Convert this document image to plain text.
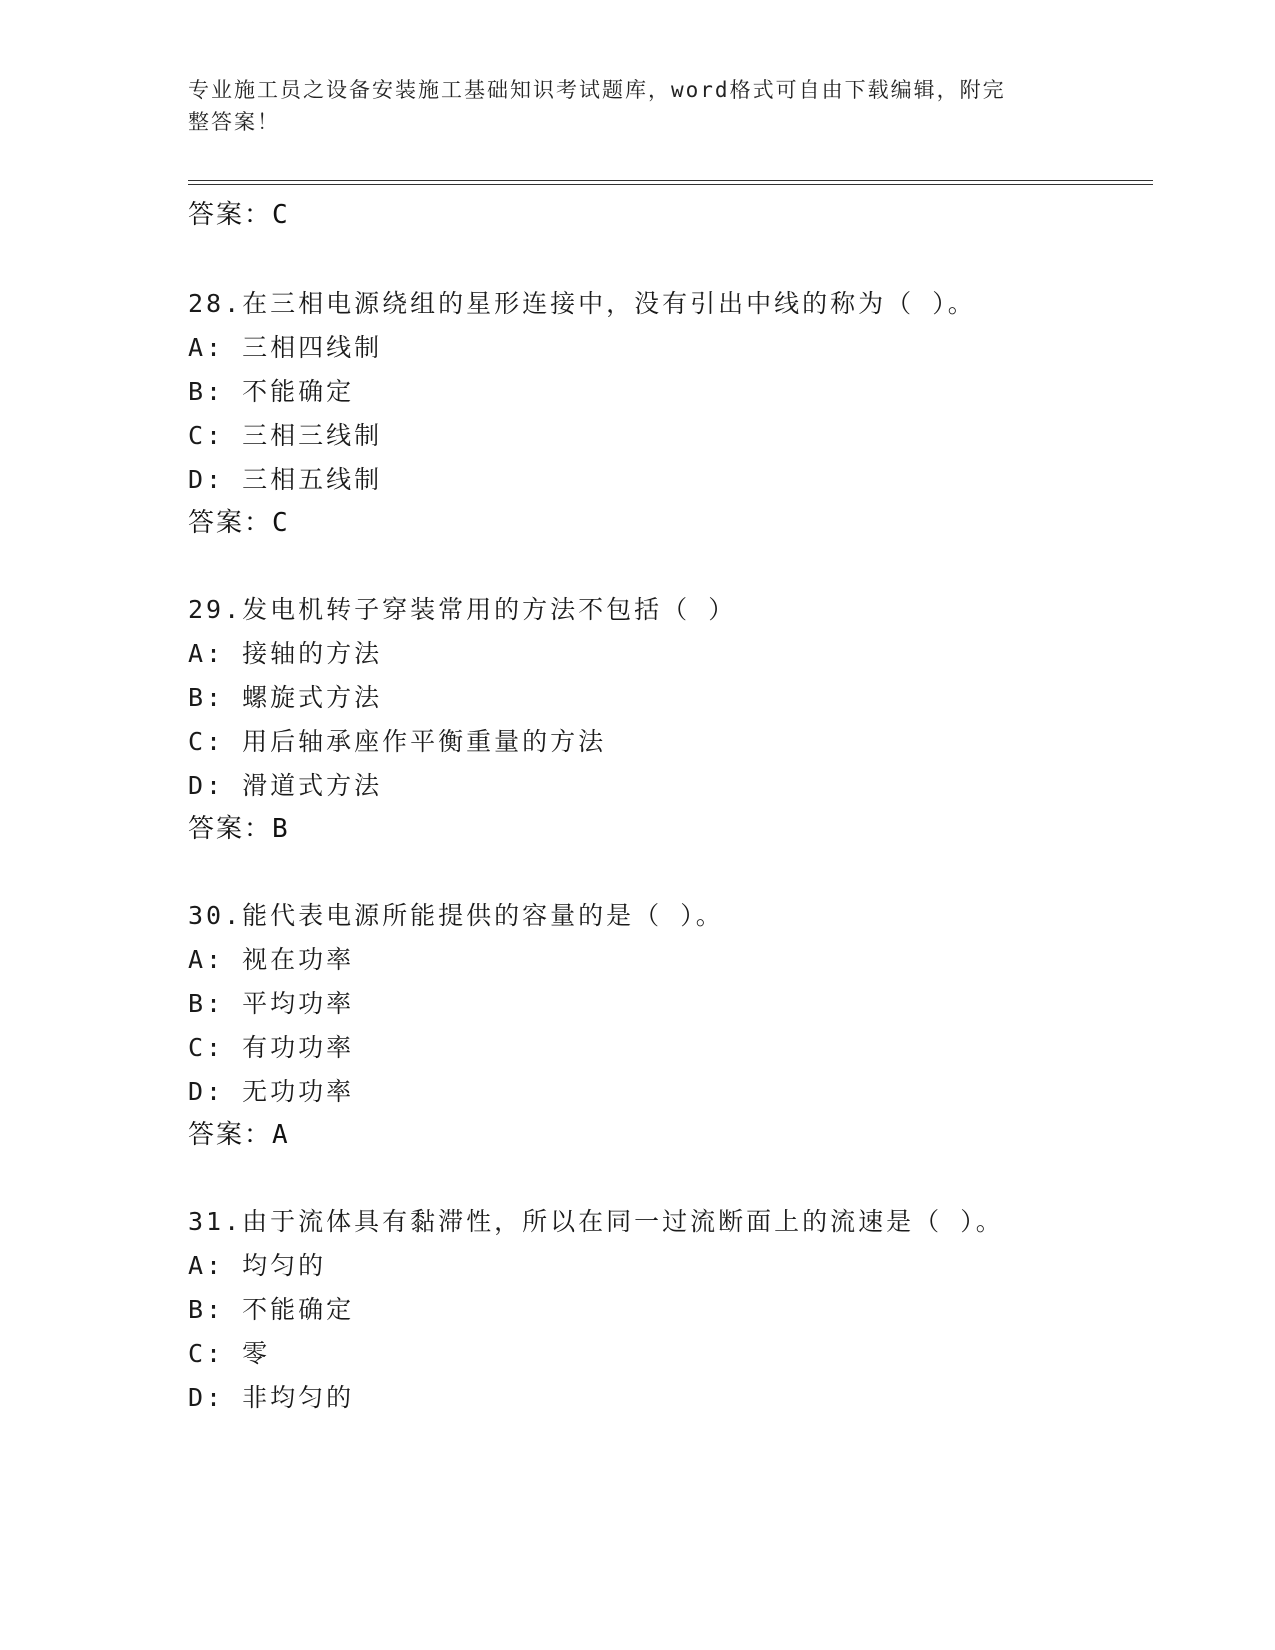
专业施工员之设备安装施工基础知识考试题库，word格式可自由下载编辑，附完
整答案！
答案：C
28.在三相电源绕组的星形连接中，没有引出中线的称为（ ）。
A: 三相四线制
B: 不能确定
C: 三相三线制
D: 三相五线制
答案：C
29.发电机转子穿装常用的方法不包括（ ）
A: 接轴的方法
B: 螺旋式方法
C: 用后轴承座作平衡重量的方法
D: 滑道式方法
答案：B
30.能代表电源所能提供的容量的是（ ）。
A: 视在功率
B: 平均功率
C: 有功功率
D: 无功功率
答案：A
31.由于流体具有黏滞性，所以在同一过流断面上的流速是（ ）。
A: 均匀的
B: 不能确定
C: 零
D: 非均匀的
